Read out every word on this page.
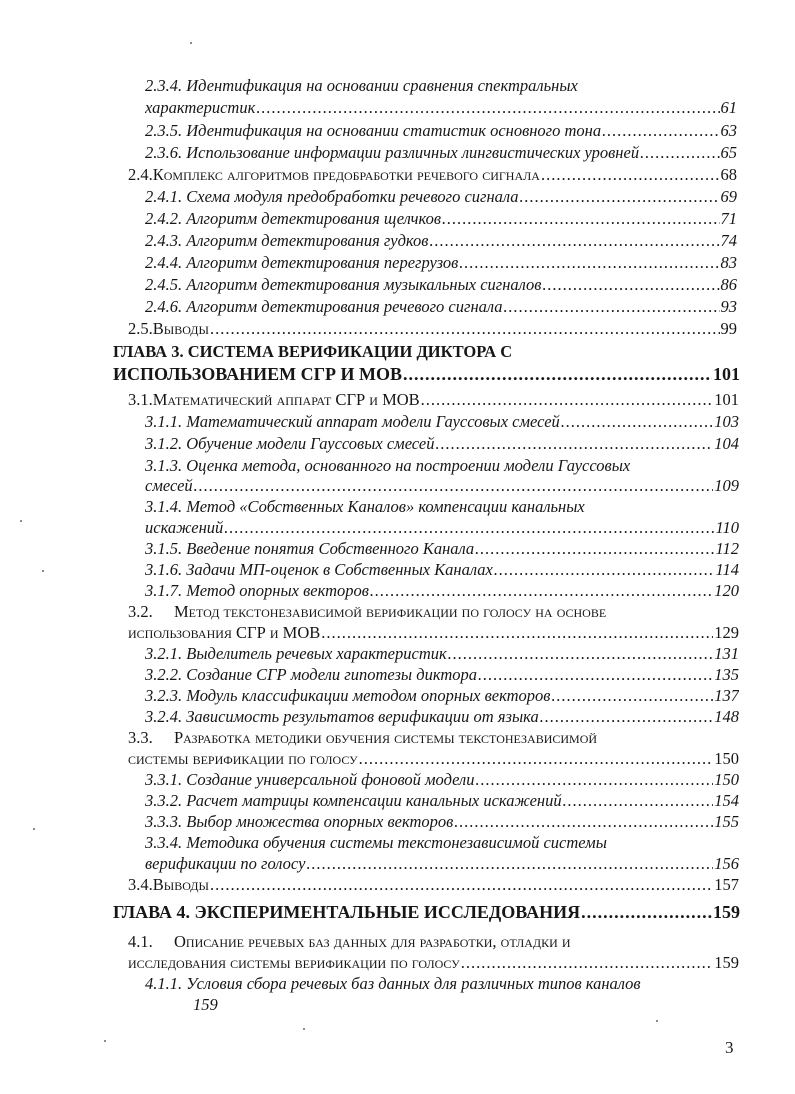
2.3.4. Идентификация на основании сравнения спектральных
характеристик .....	61
2.3.5. Идентификация на основании статистик основного тона .....	63
2.3.6. Использование информации различных лингвистических уровней .....	65
2.4. Комплекс алгоритмов предобработки речевого сигнала .....	68
2.4.1. Схема модуля предобработки речевого сигнала .....	69
2.4.2. Алгоритм детектирования щелчков .....	71
2.4.3. Алгоритм детектирования гудков .....	74
2.4.4. Алгоритм детектирования перегрузов .....	83
2.4.5. Алгоритм детектирования музыкальных сигналов .....	86
2.4.6. Алгоритм детектирования речевого сигнала .....	93
2.5. Выводы .....	99
ГЛАВА 3. СИСТЕМА ВЕРИФИКАЦИИ ДИКТОРА С
ИСПОЛЬЗОВАНИЕМ СГР И МОВ .....	101
3.1. Математический аппарат СГР и МОВ .....	101
3.1.1. Математический аппарат модели Гауссовых смесей .....	103
3.1.2. Обучение модели Гауссовых смесей .....	104
3.1.3. Оценка метода, основанного на построении модели Гауссовых
смесей .....	109
3.1.4. Метод «Собственных Каналов» компенсации канальных
искажений .....	110
3.1.5. Введение понятия Собственного Канала .....	112
3.1.6. Задачи МП-оценок в Собственных Каналах .....	114
3.1.7. Метод опорных векторов .....	120
3.2. Метод текстонезависимой верификации по голосу на основе
использования СГР и МОВ .....	129
3.2.1. Выделитель речевых характеристик .....	131
3.2.2. Создание СГР модели гипотезы диктора .....	135
3.2.3. Модуль классификации методом опорных векторов .....	137
3.2.4. Зависимость результатов верификации от языка .....	148
3.3. Разработка методики обучения системы текстонезависимой
системы верификации по голосу .....	150
3.3.1. Создание универсальной фоновой модели .....	150
3.3.2. Расчет матрицы компенсации канальных искажений .....	154
3.3.3. Выбор множества опорных векторов .....	155
3.3.4. Методика обучения системы текстонезависимой системы
верификации по голосу .....	156
3.4. Выводы .....	157
ГЛАВА 4. ЭКСПЕРИМЕНТАЛЬНЫЕ ИССЛЕДОВАНИЯ .....	159
4.1. Описание речевых баз данных для разработки, отладки и
исследования системы верификации по голосу .....	159
4.1.1. Условия сбора речевых баз данных для различных типов каналов
159
3
